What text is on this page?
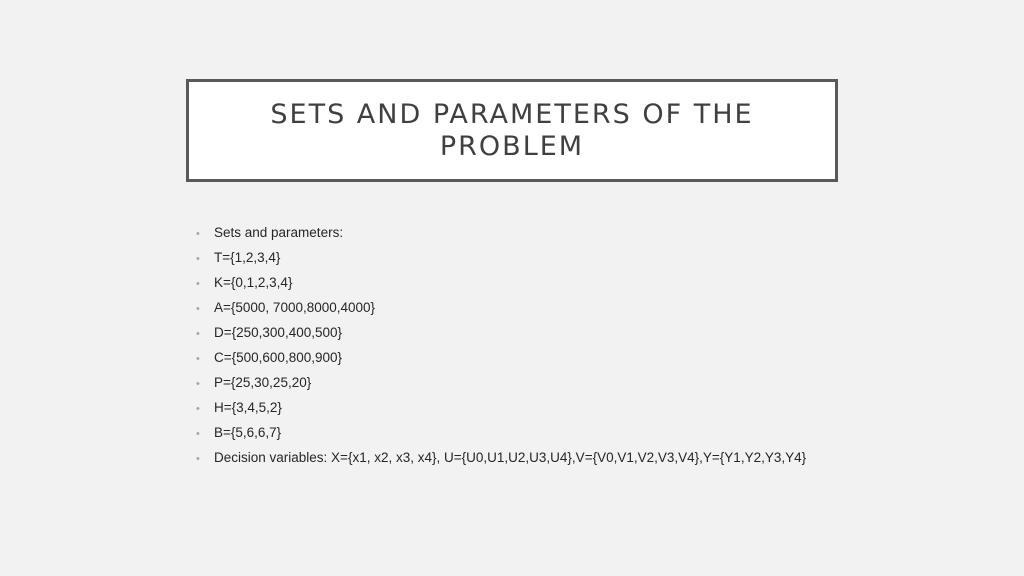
SETS AND PARAMETERS OF THE
PROBLEM
•	Sets and parameters:
•	T={1,2,3,4}
•	K={0,1,2,3,4}
•	A={5000, 7000,8000,4000}
•	D={250,300,400,500}
•	C={500,600,800,900}
•	P={25,30,25,20}
•	H={3,4,5,2}
•	B={5,6,6,7}
•	Decision variables: X={x1, x2, x3, x4}, U={U0,U1,U2,U3,U4},V={V0,V1,V2,V3,V4},Y={Y1,Y2,Y3,Y4}
